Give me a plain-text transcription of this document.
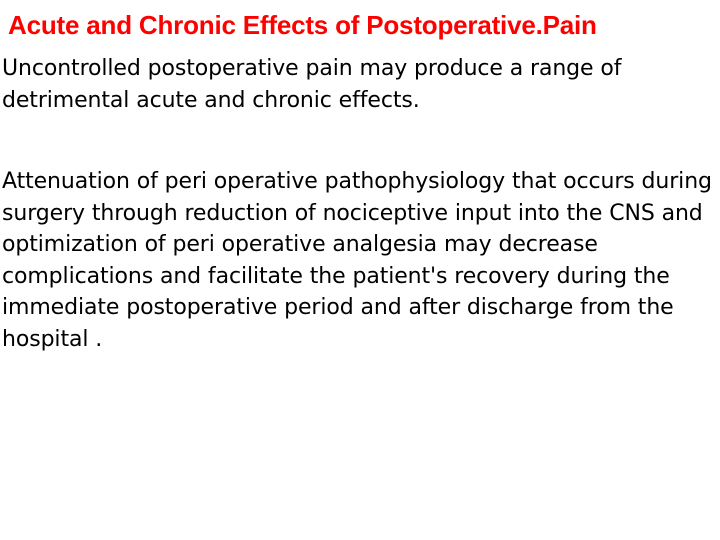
Acute and Chronic Effects of Postoperative.Pain

Uncontrolled postoperative pain may produce a range of detrimental acute and chronic effects.

Attenuation of peri operative pathophysiology that occurs during surgery through reduction of nociceptive input into the CNS and optimization of peri operative analgesia may decrease complications and facilitate the patient's recovery during the immediate postoperative period and after discharge from the hospital .
